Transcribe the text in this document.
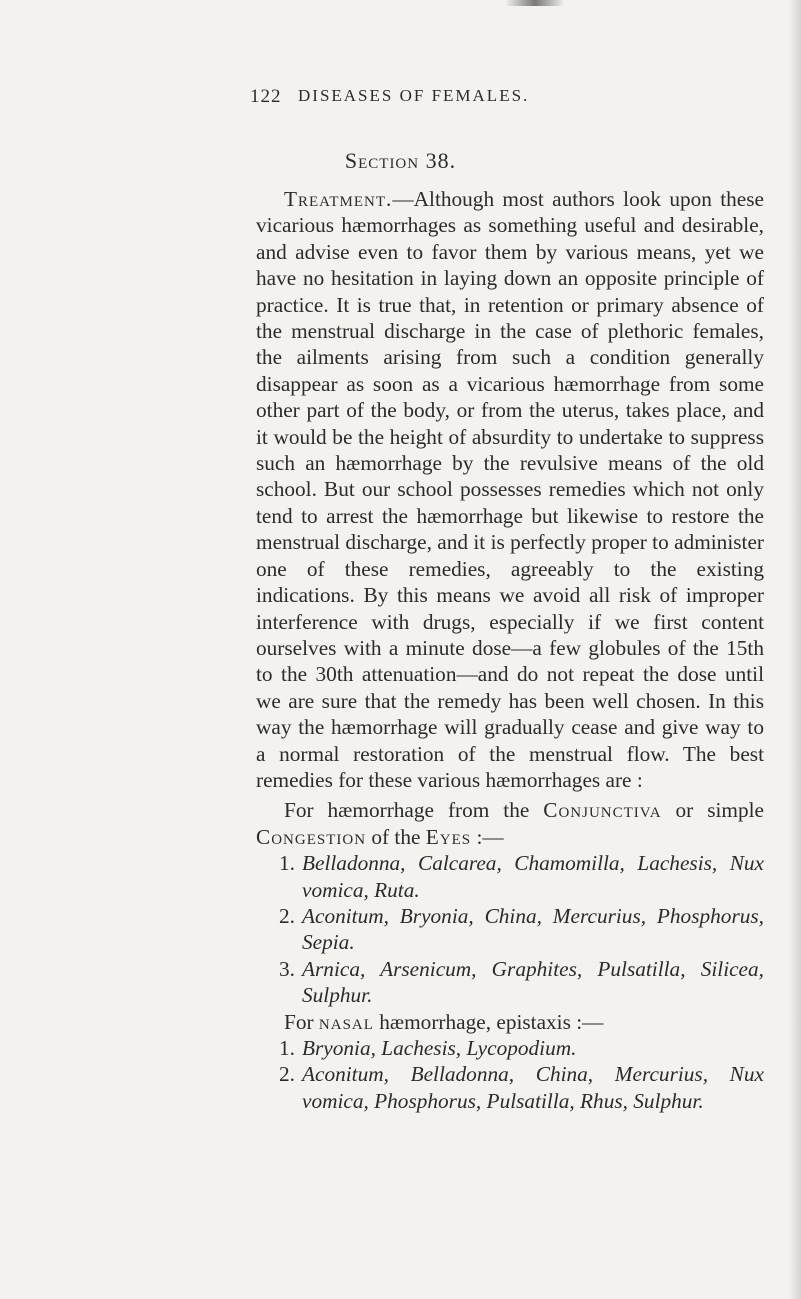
122 DISEASES OF FEMALES.
Section 38.

Treatment.—Although most authors look upon these vicarious hæmorrhages as something useful and desirable, and advise even to favor them by various means, yet we have no hesitation in laying down an opposite principle of practice. It is true that, in retention or primary absence of the menstrual discharge in the case of plethoric females, the ailments arising from such a condition generally disappear as soon as a vicarious hæmorrhage from some other part of the body, or from the uterus, takes place, and it would be the height of absurdity to undertake to suppress such an hæmorrhage by the revulsive means of the old school. But our school possesses remedies which not only tend to arrest the hæmorrhage but likewise to restore the menstrual discharge, and it is perfectly proper to administer one of these remedies, agreeably to the existing indications. By this means we avoid all risk of improper interference with drugs, especially if we first content ourselves with a minute dose—a few globules of the 15th to the 30th attenuation—and do not repeat the dose until we are sure that the remedy has been well chosen. In this way the hæmorrhage will gradually cease and give way to a normal restoration of the menstrual flow. The best remedies for these various hæmorrhages are :

For hæmorrhage from the Conjunctiva or simple Congestion of the Eyes :—

1. Belladonna, Calcarea, Chamomilla, Lachesis, Nux vomica, Ruta.
2. Aconitum, Bryonia, China, Mercurius, Phosphorus, Sepia.
3. Arnica, Arsenicum, Graphites, Pulsatilla, Silicea, Sulphur.

For nasal hæmorrhage, epistaxis :—

1. Bryonia, Lachesis, Lycopodium.
2. Aconitum, Belladonna, China, Mercurius, Nux vomica, Phosphorus, Pulsatilla, Rhus, Sulphur.
